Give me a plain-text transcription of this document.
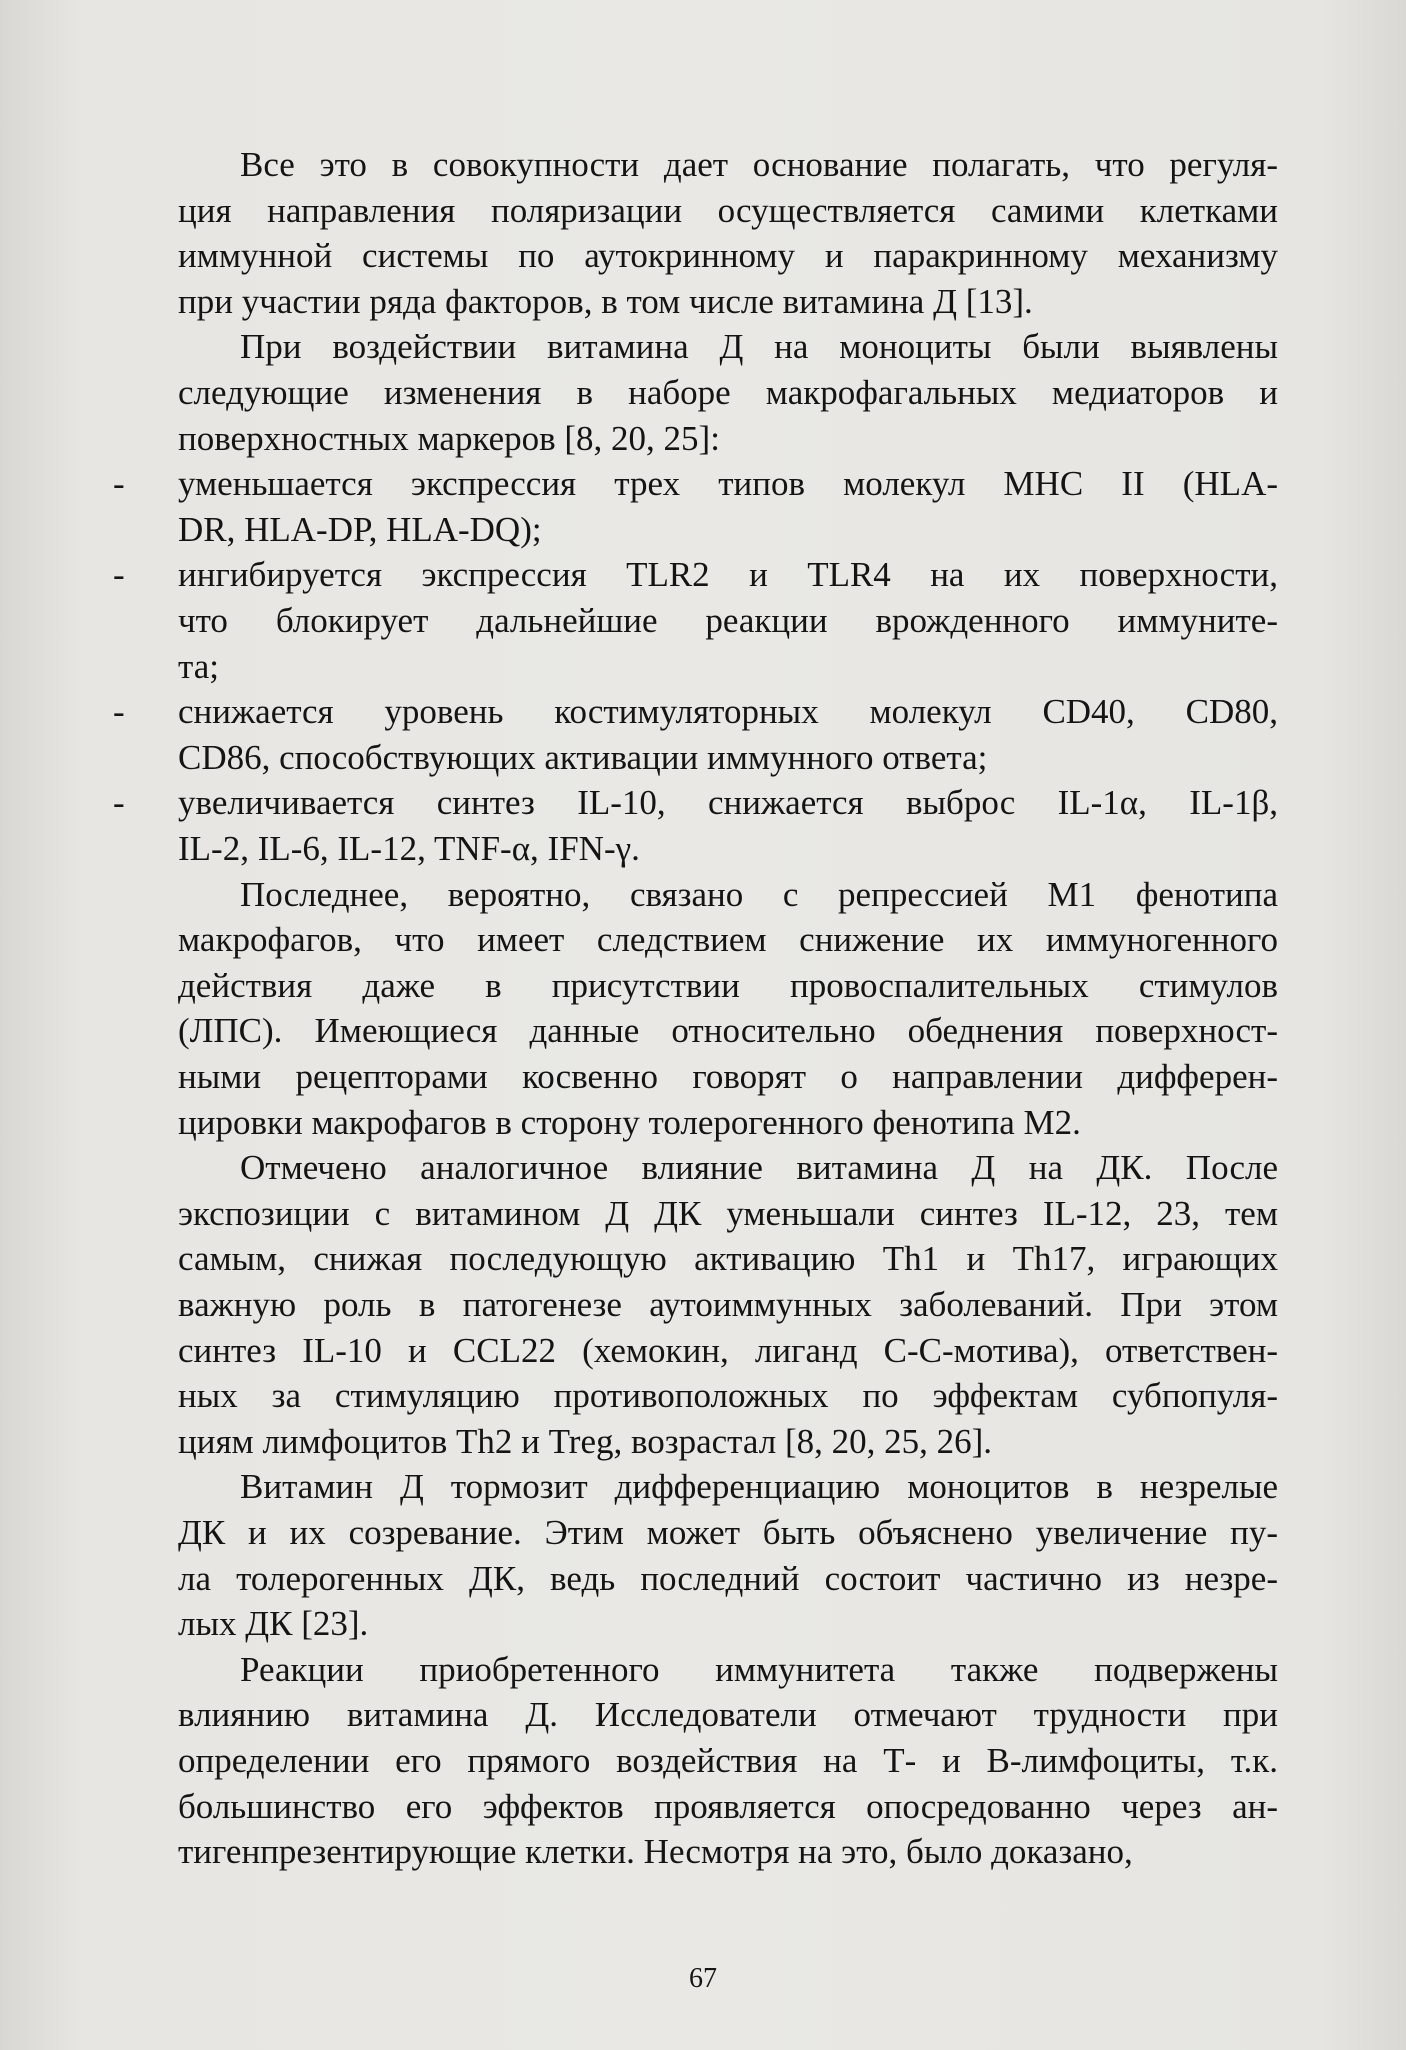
Все это в совокупности дает основание полагать, что регуля-
ция направления поляризации осуществляется самими клетками
иммунной системы по аутокринному и паракринному механизму
при участии ряда факторов, в том числе витамина Д [13].
При воздействии витамина Д на моноциты были выявлены
следующие изменения в наборе макрофагальных медиаторов и
поверхностных маркеров [8, 20, 25]:
- уменьшается экспрессия трех типов молекул MHC II (HLA-
DR, HLA-DP, HLA-DQ);
- ингибируется экспрессия TLR2 и TLR4 на их поверхности,
что блокирует дальнейшие реакции врожденного иммуните-
та;
- снижается уровень костимуляторных молекул CD40, CD80,
CD86, способствующих активации иммунного ответа;
- увеличивается синтез IL-10, снижается выброс IL-1α, IL-1β,
IL-2, IL-6, IL-12, TNF-α, IFN-γ.
Последнее, вероятно, связано с репрессией M1 фенотипа
макрофагов, что имеет следствием снижение их иммуногенного
действия даже в присутствии провоспалительных стимулов
(ЛПС). Имеющиеся данные относительно обеднения поверхност-
ными рецепторами косвенно говорят о направлении дифферен-
цировки макрофагов в сторону толерогенного фенотипа M2.
Отмечено аналогичное влияние витамина Д на ДК. После
экспозиции с витамином Д ДК уменьшали синтез IL-12, 23, тем
самым, снижая последующую активацию Th1 и Th17, играющих
важную роль в патогенезе аутоиммунных заболеваний. При этом
синтез IL-10 и CCL22 (хемокин, лиганд C-C-мотива), ответствен-
ных за стимуляцию противоположных по эффектам субпопуля-
циям лимфоцитов Th2 и Treg, возрастал [8, 20, 25, 26].
Витамин Д тормозит дифференциацию моноцитов в незрелые
ДК и их созревание. Этим может быть объяснено увеличение пу-
ла толерогенных ДК, ведь последний состоит частично из незре-
лых ДК [23].
Реакции приобретенного иммунитета также подвержены
влиянию витамина Д. Исследователи отмечают трудности при
определении его прямого воздействия на Т- и В-лимфоциты, т.к.
большинство его эффектов проявляется опосредованно через ан-
тигенпрезентирующие клетки. Несмотря на это, было доказано,
67
